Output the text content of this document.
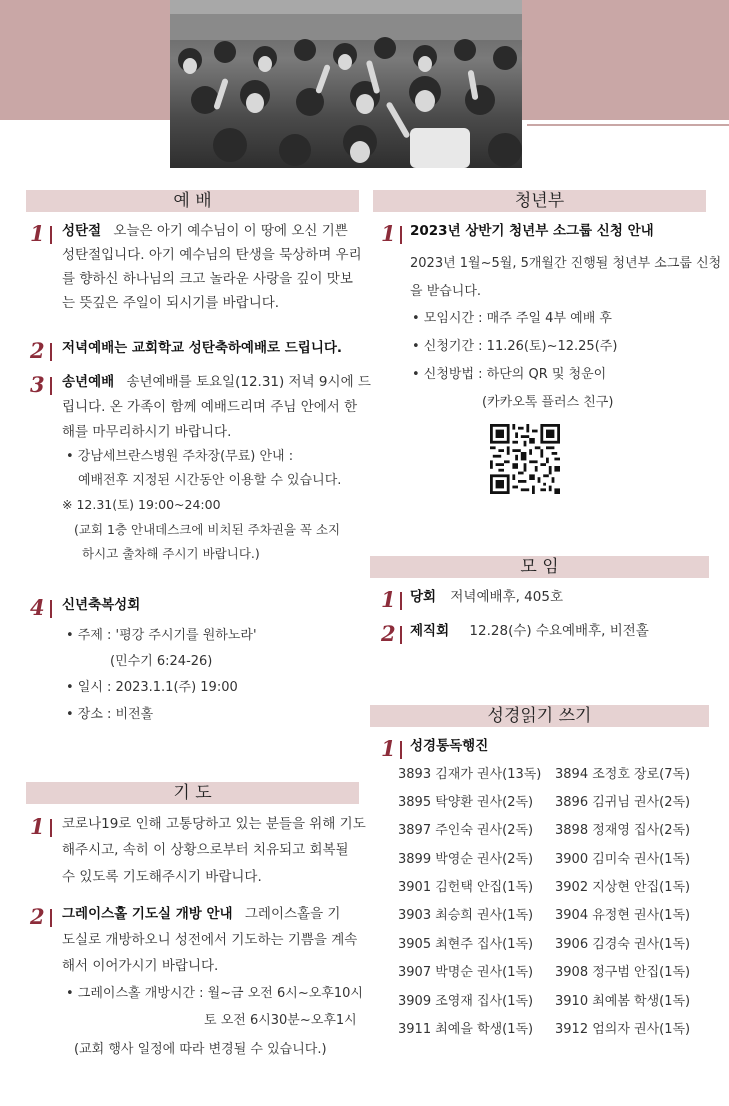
예 배
1 성탄절 오늘은 아기 예수님이 이 땅에 오신 기쁜
성탄절입니다. 아기 예수님의 탄생을 묵상하며 우리
를 향하신 하나님의 크고 놀라운 사랑을 깊이 맛보
는 뜻깊은 주일이 되시기를 바랍니다.
2 저녁예배는 교회학교 성탄축하예배로 드립니다.
3 송년예배 송년예배를 토요일(12.31) 저녁 9시에 드
립니다. 온 가족이 함께 예배드리며 주님 안에서 한
해를 마무리하시기 바랍니다.
• 강남세브란스병원 주차장(무료) 안내 :
예배전후 지정된 시간동안 이용할 수 있습니다.
※ 12.31(토) 19:00~24:00
(교회 1층 안내데스크에 비치된 주차권을 꼭 소지
하시고 출차해 주시기 바랍니다.)
4 신년축복성회
• 주제 : '평강 주시기를 원하노라'
(민수기 6:24-26)
• 일시 : 2023.1.1(주) 19:00
• 장소 : 비전홀
기 도
1 코로나19로 인해 고통당하고 있는 분들을 위해 기도
해주시고, 속히 이 상황으로부터 치유되고 회복될
수 있도록 기도해주시기 바랍니다.
2 그레이스홀 기도실 개방 안내 그레이스홀을 기
도실로 개방하오니 성전에서 기도하는 기쁨을 계속
해서 이어가시기 바랍니다.
• 그레이스홀 개방시간 : 월~금 오전 6시~오후10시
토 오전 6시30분~오후1시
(교회 행사 일정에 따라 변경될 수 있습니다.)
청년부
1 2023년 상반기 청년부 소그룹 신청 안내
2023년 1월~5월, 5개월간 진행될 청년부 소그룹 신청
을 받습니다.
• 모임시간 : 매주 주일 4부 예배 후
• 신청기간 : 11.26(토)~12.25(주)
• 신청방법 : 하단의 QR 및 청운이
(카카오톡 플러스 친구)
모 임
1 당회 저녁예배후, 405호
2 제직회 12.28(수) 수요예배후, 비전홀
성경읽기 쓰기
1 성경통독행진
3893 김재가 권사(13독) 3894 조정호 장로(7독)
3895 탁양환 권사(2독) 3896 김귀님 권사(2독)
3897 주인숙 권사(2독) 3898 정재영 집사(2독)
3899 박영순 권사(2독) 3900 김미숙 권사(1독)
3901 김헌택 안집(1독) 3902 지상현 안집(1독)
3903 최승희 권사(1독) 3904 유정현 권사(1독)
3905 최현주 집사(1독) 3906 김경숙 권사(1독)
3907 박명순 권사(1독) 3908 정구범 안집(1독)
3909 조영재 집사(1독) 3910 최예봄 학생(1독)
3911 최예을 학생(1독) 3912 엄의자 권사(1독)
